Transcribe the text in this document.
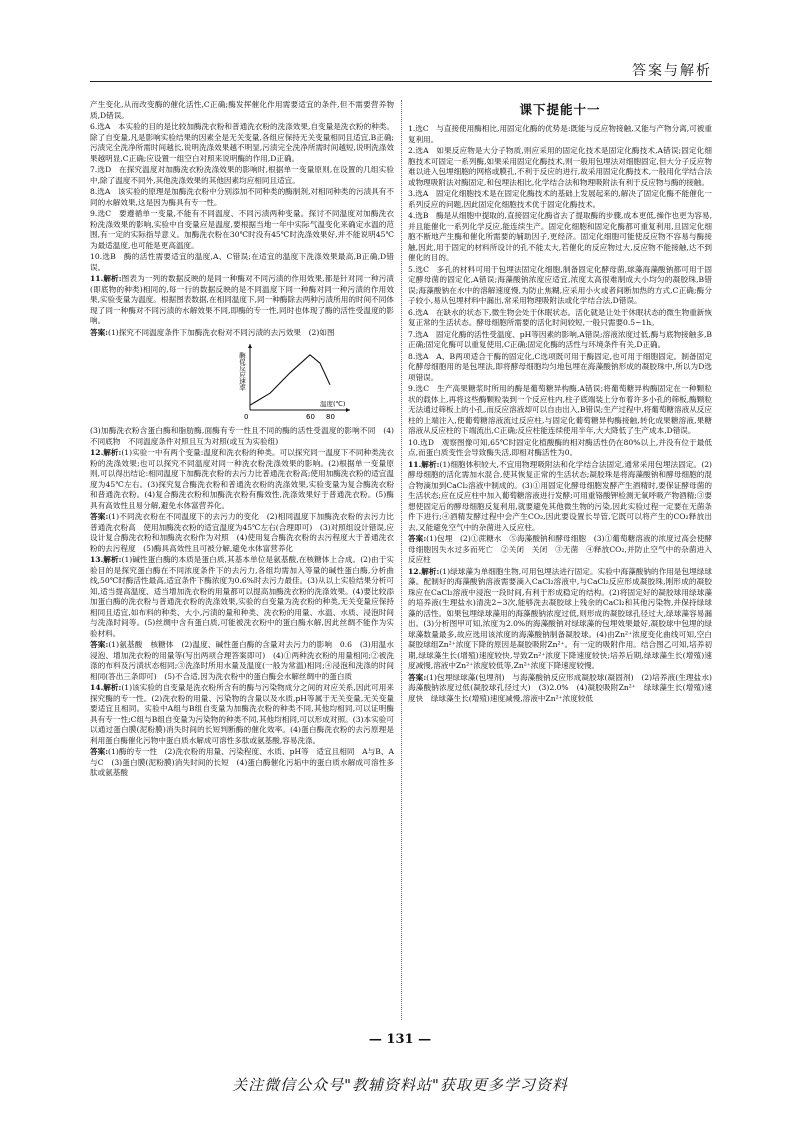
答案与解析

产生变化,从而改变酶的催化活性,C正确;酶发挥催化作用需要适宜的条件,但不需要营养物质,D错误。

6.选A　本实验的目的是比较加酶洗衣粉和普通洗衣粉的洗涤效果,自变量是洗衣粉的种类。除了自变量,凡是影响实验结果的因素全是无关变量,各组应保持无关变量相同且适宜,B正确;污渍完全洗净所需时间越长,说明洗涤效果越不明显,污渍完全洗净所需时间越短,说明洗涤效果越明显,C正确;应设置一组空白对照来说明酶的作用,D正确。

7.选D　在探究温度对加酶洗衣粉洗涤效果的影响时,根据单一变量原则,在设置的几组实验中,除了温度不同外,其他洗涤效果的其他因素均应相同且适宜。

8.选A　该实验的原理是加酶洗衣粉中分别添加不同种类的酶制剂,对相同种类的污渍具有不同的水解效果,这是因为酶具有专一性。

9.选C　要遵循单一变量,不能有不同温度、不同污渍两种变量。探讨不同温度对加酶洗衣粉洗涤效果的影响,实验中自变量应是温度,要根据当地一年中实际气温变化来确定水温的范围,有一定的实际指导意义。加酶洗衣粉在30℃时没有45℃时洗涤效果好,并不能说明45℃为最适温度,也可能是更高温度。

10.选B　酶的活性需要适宜的温度,A、C错误;在适宜的温度下洗涤效果最高,B正确,D错误。

11.解析:图表为一列的数据反映的是同一种酶对不同污渍的作用效果,都是针对同一种污渍(即底物的种类)相同的,每一行的数据反映的是不同温度下同一种酶对同一种污渍的作用效果,实验变量为温度。根据图表数据,在相同温度下,同一种酶除去两种污渍所用的时间不同体现了同一种酶对不同污渍的水解效果不同,即酶的专一性,同时也体现了酶的活性受温度的影响。

答案:(1)探究不同温度条件下加酶洗衣粉对不同污渍的去污效果　(2)如图

0	60 80
温度(℃)
酶促反应速率

(3)加酶洗衣粉含蛋白酶和脂肪酶,面酶有专一性且不同的酶的活性受温度的影响不同　(4)不同底物　不同温度条件对照且互为对照(或互为实验组)

12.解析:(1)实验一中有两个变量:温度和洗衣粉的种类。可以探究同一温度下不同种类洗衣粉的洗涤效果;也可以探究不同温度对同一种洗衣粉洗涤效果的影响。(2)根据单一变量原则,可以得出结论:相同温度下加酶洗衣粉的去污力比普通洗衣粉高;使用加酶洗衣粉的适宜温度为45℃左右。(3)探究复合酶洗衣粉和普通洗衣粉的洗涤效果,实验变量为复合酶洗衣粉和普通洗衣粉。(4)复合酶洗衣粉和加酶洗衣粉有酶效性,洗涤效果好于普通洗衣粉。(5)酶具有高效性且易分解,避免水体富营养化。

答案:(1)不同洗衣粉在不同温度下的去污力的变化　(2)相同温度下加酶洗衣粉的去污力比普通洗衣粉高　使用加酶洗衣粉的适宜温度为45℃左右(合理即可)　(3)对照组设计错误,应设计复合酶洗衣粉和加酶洗衣粉作为对照　(4)使用复合酶洗衣粉的去污程度大于普通洗衣粉的去污程度　(5)酶具高效性且可被分解,避免水体富营养化

13.解析:(1)碱性蛋白酶的本质是蛋白质,其基本单位是氨基酸,在核糖体上合成。(2)由于实验目的是探究蛋白酶在不同浓度条件下的去污力,各组均需加入等量的碱性蛋白酶,分析曲线,50℃时酶活性最高,适宜条件下酶浓度为0.6%时去污力最佳。(3)从以上实验结果分析可知,适当提高温度、适当增加洗衣粉的用量都可以提高加酶洗衣粉的洗涤效果。(4)要比较添加蛋白酶的洗衣粉与普通洗衣粉的洗涤效果,实验的自变量为洗衣粉的种类,无关变量应保持相同且适宜,如布料的种类、大小,污渍的量和种类、洗衣粉的用量、水温、水质、浸泡时间与洗涤时间等。(5)丝绸中含有蛋白质,可能被洗衣粉中的蛋白酶水解,因此丝绸不能作为实验材料。

答案:(1)氨基酸　核糖体　(2)温度、碱性蛋白酶的含量对去污力的影响　0.6　(3)用温水浸泡、增加洗衣粉的用量等(写出两项合理答案即可)　(4)①两种洗衣粉的用量相同;②被洗涤的布料及污渍状态相同;③洗涤时所用水量及温度(一般为常温)相同;④浸泡和洗涤的时间相同(答出三条即可)　(5)不合适,因为洗衣粉中的蛋白酶会水解丝绸中的蛋白质

14.解析:(1)该实验的自变量是洗衣粉所含有的酶与污染物成分之间的对应关系,因此可用来探究酶的专一性。(2)洗衣粉的用量、污染物的含量以及水质,pH等属于无关变量,无关变量要适宜且相同。实验中A组与B组自变量为加酶洗衣粉的种类不同,其他均相同,可以证明酶具有专一性;C组与B组自变量为污染物的种类不同,其他均相同,可以形成对照。(3)本实验可以通过蛋白膜(泥粉膜)消失时间的长短判断酶的催化效率。(4)蛋白酶洗衣粉的去污原理是利用蛋白酶催化污物中蛋白质水解成可溶性多肽或氨基酸,容易洗涤。

答案:(1)酶的专一性　(2)洗衣粉的用量、污染程度、水质、pH等　适宜且相同　A与B、A与C　(3)蛋白膜(泥粉膜)消失时间的长短　(4)蛋白酶催化污垢中的蛋白质水解成可溶性多肽或氨基酸

课下提能十一

1.选C　与直接使用酶相比,用固定化酶的优势是:既能与反应物接触,又能与产物分离,可被重复利用。

2.选A　如果反应物是大分子物质,则应采用的固定化技术是固定化酶技术,A错误;固定化细胞技术可固定一系列酶,如果采用固定化酶技术,则一般用包埋法对细胞固定,但大分子反应物难以进入包埋细胞的网格或膜孔,不利于反应的进行,故采用固定化酶技术,一般用化学结合法或物理吸附法对酶固定,和包埋法相比,化学结合法和物理吸附法有利于反应物与酶的接触。

3.选A　固定化细胞技术是在固定化酶技术的基础上发展起来的,解决了固定化酶不能催化一系列反应的问题,因此固定化细胞技术优于固定化酶技术。

4.选B　酶是从细胞中提取的,直接固定化酶省去了提取酶的步骤,成本更低,操作也更为容易,并且能催化一系列化学反应,能连续生产。固定化细胞和固定化酶都可重复利用,且固定化细胞不断地产生酶和催化所需要的辅助因子,更经济。固定化细胞可能使反应物不容易与酶接触,因此,用于固定的材料所设计的孔不能太大,若催化的反应物过大,反应物不能接触,达不到催化的目的。

5.选C　多孔的材料可用于包埋法固定化细胞,制备固定化酵母菌,球藻海藻酸钠都可用于固定酵母菌的固定化,A错误;海藻酸钠浓度应适宜,浓度太高很难制成大小均匀的凝胶珠,B错误;海藻酸钠在水中的溶解速度慢,为防止焦糊,应采用小火或者间断加热的方式,C正确;酶分子较小,易从包埋材料中漏出,常采用物理吸附法或化学结合法,D错误。

6.选A　在缺水的状态下,微生物会处于休眠状态。活化就是让处于休眠状态的微生物重新恢复正常的生活状态。酵母细胞所需要的活化时间较短,一般只需要0.5~1h。

7.选A　固定化酶的活性受温度、pH等因素的影响,A错误;溶液浓度过低,酶与底物接触多,B正确;固定化酶可以重复使用,C正确;固定化酶的活性与环境条件有关,D正确。

8.选A　A、B两项适合于酶的固定化,C选项既可用于酶固定,也可用于细胞固定。制备固定化酵母细胞用的是包埋法,即将酵母细胞均匀地包埋在海藻酸钠形成的凝胶珠中,所以为D选项错误。

9.选C　生产高果糖浆时所用的酶是葡萄糖异构酶,A错误;将葡萄糖异构酶固定在一种颗粒状的载体上,再将这些酶颗粒装到一个反应柱内,柱子底端装上分布着许多小孔的筛板,酶颗粒无法通过筛板上的小孔,而反应溶液却可以自由出入,B错误;生产过程中,将葡萄糖溶液从反应柱的上端注入,使葡萄糖溶液流过反应柱,与固定化葡萄糖异构酶接触,转化成果糖溶液,果糖溶液从反应柱的下端流出,C正确;反应柱能连续使用半年,大大降低了生产成本,D错误。

10.选D　观察图像可知,65℃时固定化植酸酶的相对酶活性仍在80%以上,并没有位于最低点,而蛋白质变性会导致酶失活,即相对酶活性为0。

11.解析:(1)细胞体积较大,不宜用物理吸附法和化学结合法固定,通常采用包埋法固定。(2)酵母细胞的活化需加水混合,使其恢复正常的生活状态;凝胶珠是将海藻酸钠和酵母细胞的混合物滴加到CaCl₂溶液中制成的。(3)①用固定化酵母细胞发酵产生酒精时,要保证酵母菌的生活状态;应在反应柱中加入葡萄糖溶液进行发酵;可用重铬酸钾检测无氧呼吸产物酒精;③要想使固定后的酵母细胞反复利用,就要避免其他微生物的污染,因此实验过程一定要在无菌条件下进行;④酒精发酵过程中会产生CO₂,因此要设置长导管,它既可以将产生的CO₂释放出去,又能避免空气中的杂菌进入反应柱。

答案:(1)包埋　(2)①蔗糖水　⑤海藻酸钠和酵母细胞　(3)①葡萄糖溶液的浓度过高会使酵母细胞因失水过多而死亡　②关闭　关闭　③无菌　④释放CO₂,并防止空气中的杂菌进入反应柱

12.解析:(1)绿球藻为单细胞生物,可用包埋法进行固定。实验中海藻酸钠的作用是包埋绿球藻。配制好的海藻酸钠溶液需要滴入CaCl₂溶液中,与CaCl₂反应形成凝胶珠,刚形成的凝胶珠应在CaCl₂溶液中浸泡一段时间,有利于形成稳定的结构。(2)将固定好的凝胶球用绿球藻的培养液(生理盐水)清洗2~3次,能够洗去凝胶球上残余的CaCl₂和其他污染物,并保持绿球藻的活性。如果包埋绿球藻用的海藻酸钠浓度过低,则形成的凝胶球孔径过大,绿球藻容易漏出。(3)分析图甲可知,浓度为2.0%的海藻酸钠对绿球藻的包埋效果最好,凝胶球中包埋的绿球藻数量最多,故应选用该浓度的海藻酸钠制备凝胶球。(4)由Zn²⁺浓度变化曲线可知,空白凝胶球组Zn²⁺浓度下降的原因是凝胶吸附Zn²⁺。有一定的吸附作用。结合图乙可知,培养初期,绿球藻生长(增殖)速度较快,导致Zn²⁺浓度下降速度较快;培养后期,绿球藻生长(增殖)速度减慢,溶液中Zn²⁺浓度较低等,Zn²⁺浓度下降速度较慢。

答案:(1)包埋绿球藻(包埋剂)　与海藻酸钠反应形成凝胶球(凝固剂)　(2)培养液(生理盐水)　海藻酸钠浓度过低(凝胶球孔径过大)　(3)2.0%　(4)凝胶吸附Zn²⁺　绿球藻生长(增殖)速度快　绿球藻生长(增殖)速度减慢,溶液中Zn²⁺浓度较低

— 131 —
关注微信公众号"教辅资料站"获取更多学习资料
